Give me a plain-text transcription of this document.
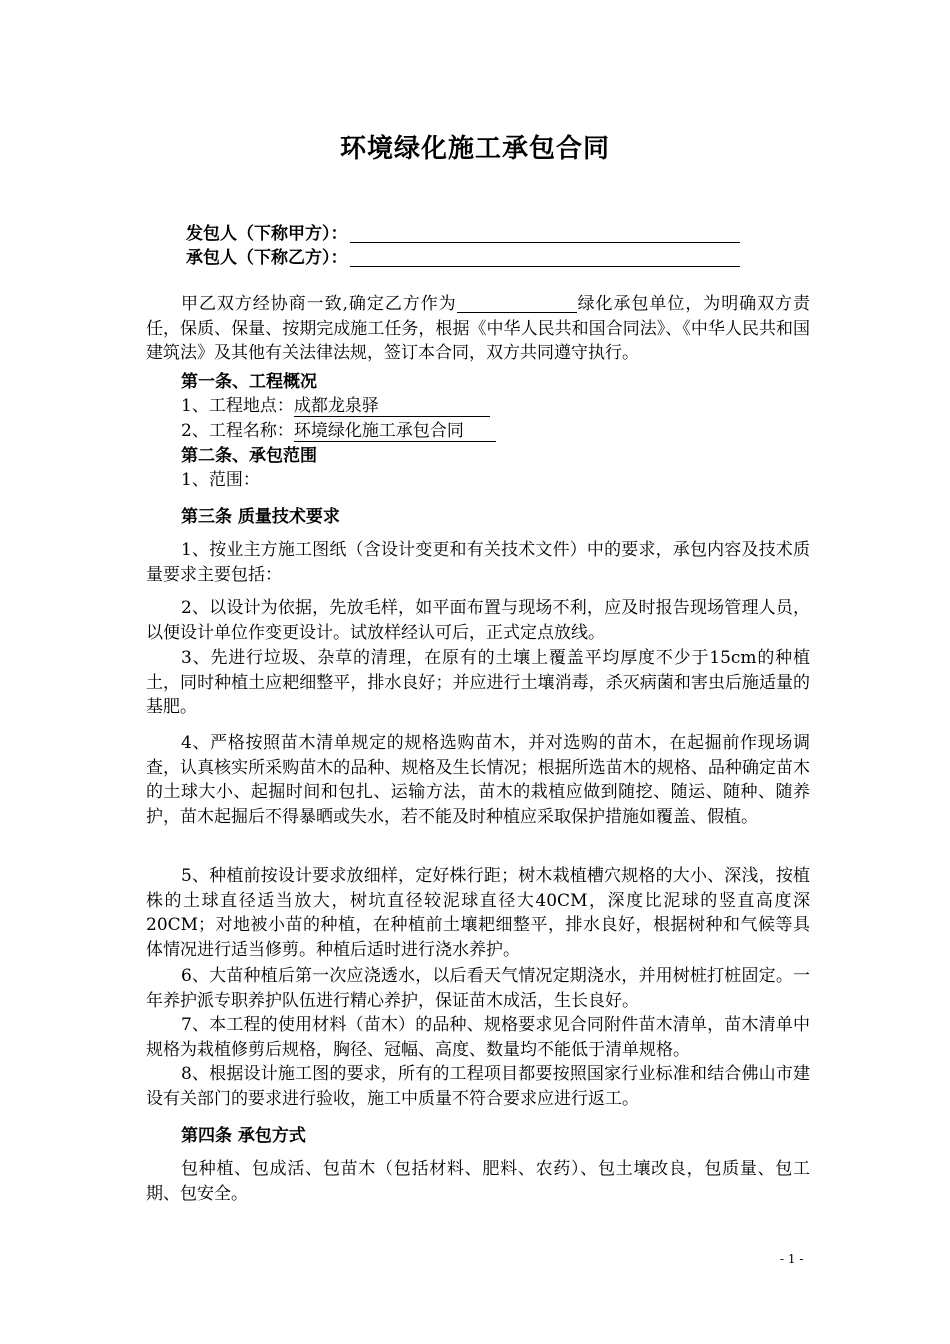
环境绿化施工承包合同
发包人（下称甲方）：
承包人（下称乙方）：

甲乙双方经协商一致,确定乙方作为	绿化承包单位，为明确双方责任，保质、保量、按期完成施工任务，根据《中华人民共和国合同法》、《中华人民共和国建筑法》及其他有关法律法规，签订本合同，双方共同遵守执行。

第一条、工程概况
1、工程地点：成都龙泉驿
2、工程名称：环境绿化施工承包合同
第二条、承包范围
1、范围：
第三条 质量技术要求

1、按业主方施工图纸（含设计变更和有关技术文件）中的要求，承包内容及技术质量要求主要包括：

2、以设计为依据，先放毛样，如平面布置与现场不利，应及时报告现场管理人员，以便设计单位作变更设计。试放样经认可后，正式定点放线。

3、先进行垃圾、杂草的清理，在原有的土壤上覆盖平均厚度不少于15cm的种植土，同时种植土应耙细整平，排水良好；并应进行土壤消毒，杀灭病菌和害虫后施适量的基肥。

4、严格按照苗木清单规定的规格选购苗木，并对选购的苗木，在起掘前作现场调查，认真核实所采购苗木的品种、规格及生长情况；根据所选苗木的规格、品种确定苗木的土球大小、起掘时间和包扎、运输方法，苗木的栽植应做到随挖、随运、随种、随养护，苗木起掘后不得暴晒或失水，若不能及时种植应采取保护措施如覆盖、假植。

5、种植前按设计要求放细样，定好株行距；树木栽植槽穴规格的大小、深浅，按植株的土球直径适当放大，树坑直径较泥球直径大40CM，深度比泥球的竖直高度深20CM；对地被小苗的种植，在种植前土壤耙细整平，排水良好，根据树种和气候等具体情况进行适当修剪。种植后适时进行浇水养护。

6、大苗种植后第一次应浇透水，以后看天气情况定期浇水，并用树桩打桩固定。一年养护派专职养护队伍进行精心养护，保证苗木成活，生长良好。

7、本工程的使用材料（苗木）的品种、规格要求见合同附件苗木清单，苗木清单中规格为栽植修剪后规格，胸径、冠幅、高度、数量均不能低于清单规格。

8、根据设计施工图的要求，所有的工程项目都要按照国家行业标准和结合佛山市建设有关部门的要求进行验收，施工中质量不符合要求应进行返工。

第四条 承包方式

包种植、包成活、包苗木（包括材料、肥料、农药）、包土壤改良，包质量、包工期、包安全。

- 1 -
